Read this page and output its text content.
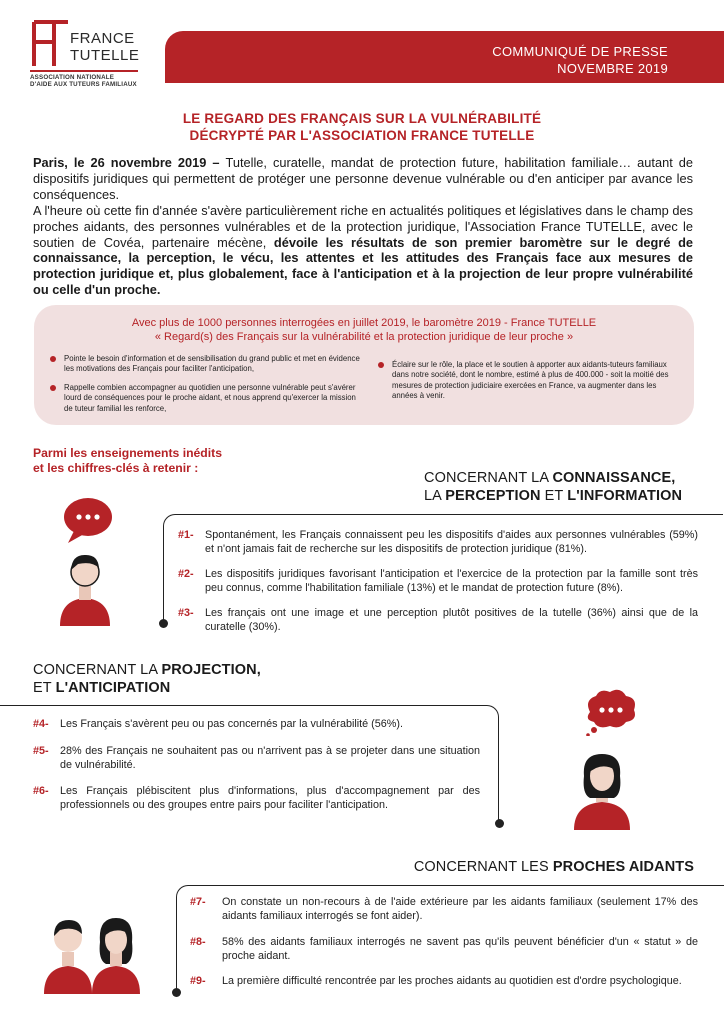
FRANCE
TUTELLE
ASSOCIATION NATIONALE
D'AIDE AUX TUTEURS FAMILIAUX
COMMUNIQUÉ DE PRESSE
NOVEMBRE 2019
LE REGARD DES FRANÇAIS SUR LA VULNÉRABILITÉ
DÉCRYPTÉ PAR L'ASSOCIATION FRANCE TUTELLE

Paris, le 26 novembre 2019 – Tutelle, curatelle, mandat de protection future, habilitation familiale… autant de dispositifs juridiques qui permettent de protéger une personne devenue vulnérable ou d'en anticiper par avance les conséquences.

A l'heure où cette fin d'année s'avère particulièrement riche en actualités politiques et législatives dans le champ des proches aidants, des personnes vulnérables et de la protection juridique, l'Association France TUTELLE, avec le soutien de Covéa, partenaire mécène, dévoile les résultats de son premier baromètre sur le degré de connaissance, la perception, le vécu, les attentes et les attitudes des Français face aux mesures de protection juridique et, plus globalement, face à l'anticipation et à la projection de leur propre vulnérabilité ou celle d'un proche.

Avec plus de 1000 personnes interrogées en juillet 2019, le baromètre 2019 - France TUTELLE
« Regard(s) des Français sur la vulnérabilité et la protection juridique de leur proche »
Pointe le besoin d'information et de sensibilisation du grand public et met en évidence les motivations des Français pour faciliter l'anticipation,
Rappelle combien accompagner au quotidien une personne vulnérable peut s'avérer lourd de conséquences pour le proche aidant, et nous apprend qu'exercer la mission de tuteur familial les renforce,
Éclaire sur le rôle, la place et le soutien à apporter aux aidants-tuteurs familiaux dans notre société, dont le nombre, estimé à plus de 400.000 - soit la moitié des mesures de protection judiciaire exercées en France, va augmenter dans les années à venir.
Parmi les enseignements inédits
et les chiffres-clés à retenir :
CONCERNANT LA CONNAISSANCE,
LA PERCEPTION ET L'INFORMATION
#1- Spontanément, les Français connaissent peu les dispositifs d'aides aux personnes vulnérables (59%) et n'ont jamais fait de recherche sur les dispositifs de protection juridique (81%).
#2- Les dispositifs juridiques favorisant l'anticipation et l'exercice de la protection par la famille sont très peu connus, comme l'habilitation familiale (13%) et le mandat de protection future (8%).
#3- Les français ont une image et une perception plutôt positives de la tutelle (36%) ainsi que de la curatelle (30%).
CONCERNANT LA PROJECTION,
ET L'ANTICIPATION
#4- Les Français s'avèrent peu ou pas concernés par la vulnérabilité (56%).
#5- 28% des Français ne souhaitent pas ou n'arrivent pas à se projeter dans une situation de vulnérabilité.
#6- Les Français plébiscitent plus d'informations, plus d'accompagnement par des professionnels ou des groupes entre pairs pour faciliter l'anticipation.
CONCERNANT LES PROCHES AIDANTS
#7- On constate un non-recours à de l'aide extérieure par les aidants familiaux (seulement 17% des aidants familiaux interrogés se font aider).
#8- 58% des aidants familiaux interrogés ne savent pas qu'ils peuvent bénéficier d'un « statut » de proche aidant.
#9- La première difficulté rencontrée par les proches aidants au quotidien est d'ordre psychologique.
